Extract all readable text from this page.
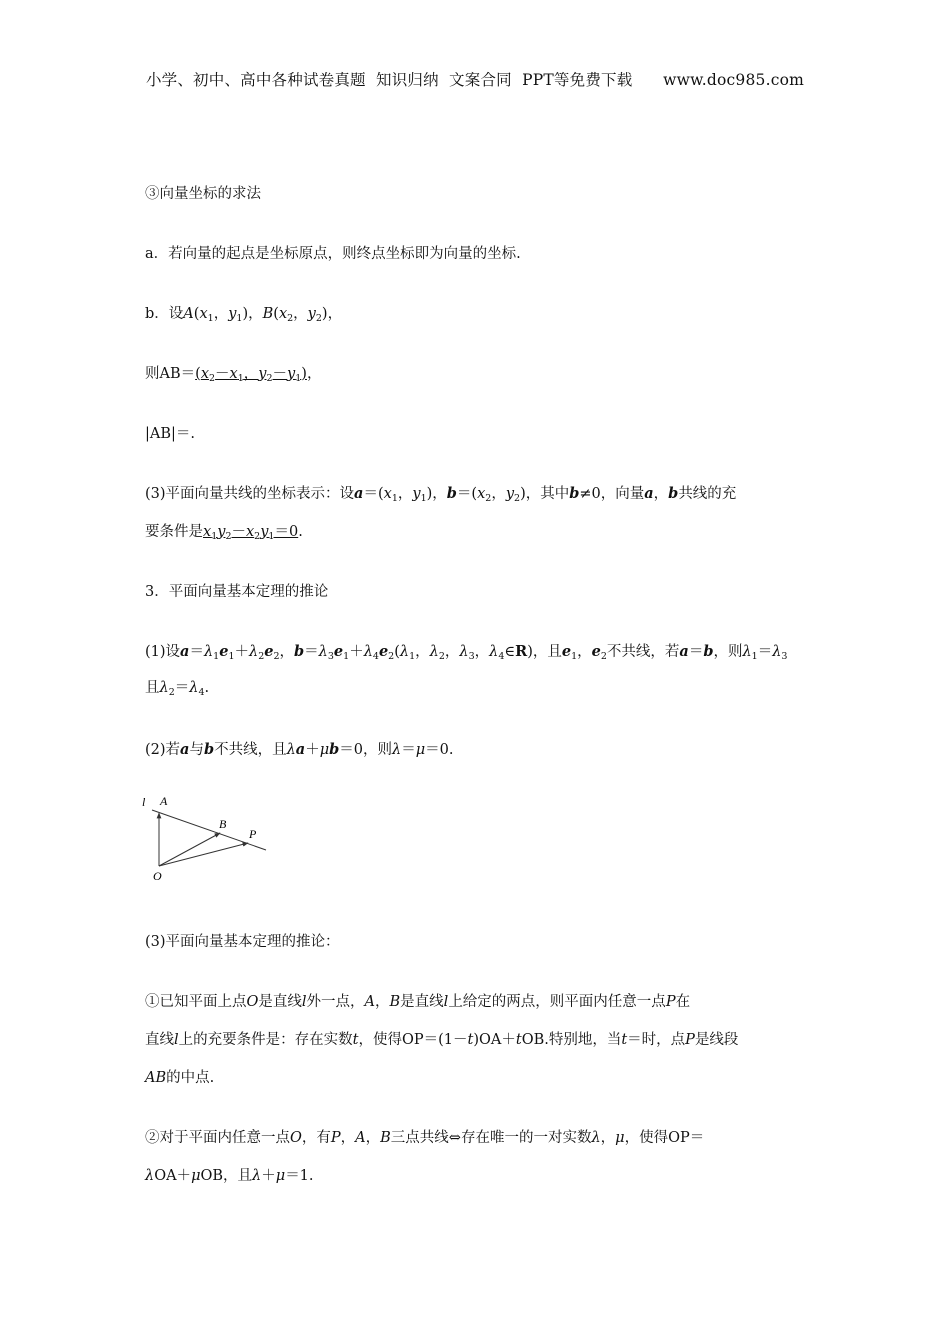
小学、初中、高中各种试卷真题  知识归纳  文案合同  PPT等免费下载      www.doc985.com
③向量坐标的求法
a．若向量的起点是坐标原点，则终点坐标即为向量的坐标.
b．设$A(x_1$，$y_1$)，$B(x_2$，$y_2$)，
则$AB=(x_2-x_1$，$y_2-y_1$)，
|AB|＝.
(3)平面向量共线的坐标表示：设$a=(x_1$，$y_1$)，$b=(x_2$，$y_2$)，其中b≠0，向量a，b共线的充
要条件是$x_1y_2-x_2y_1=0$.
3．平面向量基本定理的推论
(1)设$a=\lambda_1e_1+\lambda_2e_2$，$b=\lambda_3e_1+\lambda_4e_2(\lambda_1$，$\lambda_2$，$\lambda_3$，$\lambda_4\in R$)，且$e_1$，$e_2$不共线，若a＝b，则$\lambda_1=\lambda_3$
且$\lambda_2=\lambda_4$.
(2)若a与b不共线，且λa＋μb＝0，则λ＝μ＝0.
l A
B
P
O
(3)平面向量基本定理的推论：
①已知平面上点O是直线l外一点，A，B是直线l上给定的两点，则平面内任意一点P在
直线l上的充要条件是：存在实数t，使得OP＝(1－t)OA＋tOB.特别地，当t＝时，点P是线段
AB的中点.
②对于平面内任意一点O，有P，A，B三点共线⇔存在唯一的一对实数λ，μ，使得OP＝
λOA＋μOB，且λ＋μ＝1.
